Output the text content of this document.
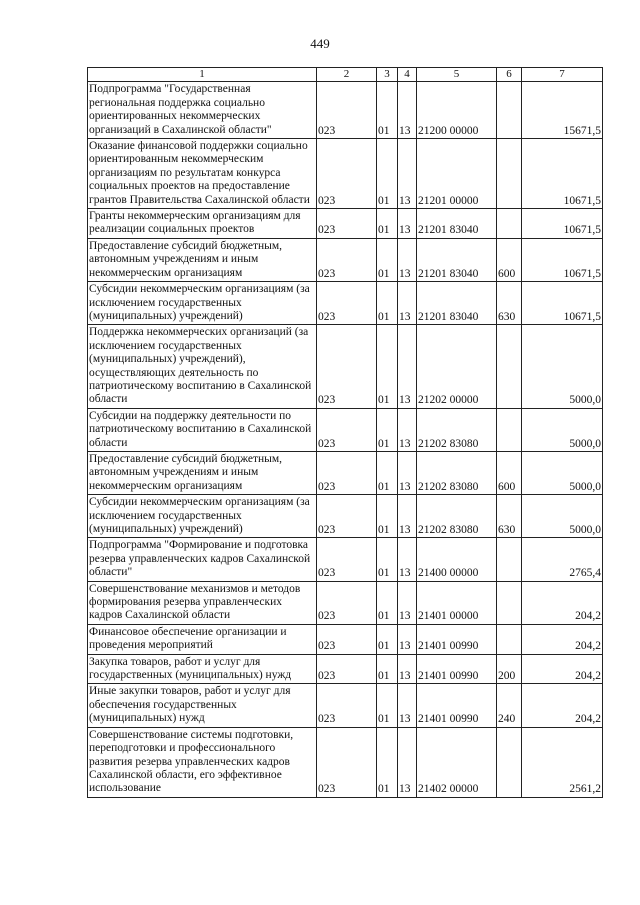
449
1	2	3	4	5	6	7
Подпрограмма "Государственная региональная поддержка социально ориентированных некоммерческих организаций в Сахалинской области"	023	01	13	21200 00000		15671,5
Оказание финансовой поддержки социально ориентированным некоммерческим организациям по результатам конкурса социальных проектов на предоставление грантов Правительства Сахалинской области	023	01	13	21201 00000		10671,5
Гранты некоммерческим организациям для реализации социальных проектов	023	01	13	21201 83040		10671,5
Предоставление субсидий бюджетным, автономным учреждениям и иным некоммерческим организациям	023	01	13	21201 83040	600	10671,5
Субсидии некоммерческим организациям (за исключением государственных (муниципальных) учреждений)	023	01	13	21201 83040	630	10671,5
Поддержка некоммерческих организаций (за исключением государственных (муниципальных) учреждений), осуществляющих деятельность по патриотическому воспитанию в Сахалинской области	023	01	13	21202 00000		5000,0
Субсидии на поддержку деятельности по патриотическому воспитанию в Сахалинской области	023	01	13	21202 83080		5000,0
Предоставление субсидий бюджетным, автономным учреждениям и иным некоммерческим организациям	023	01	13	21202 83080	600	5000,0
Субсидии некоммерческим организациям (за исключением государственных (муниципальных) учреждений)	023	01	13	21202 83080	630	5000,0
Подпрограмма "Формирование и подготовка резерва управленческих кадров Сахалинской области"	023	01	13	21400 00000		2765,4
Совершенствование механизмов и методов формирования резерва управленческих кадров Сахалинской области	023	01	13	21401 00000		204,2
Финансовое обеспечение организации и проведения мероприятий	023	01	13	21401 00990		204,2
Закупка товаров, работ и услуг для государственных (муниципальных) нужд	023	01	13	21401 00990	200	204,2
Иные закупки товаров, работ и услуг для обеспечения государственных (муниципальных) нужд	023	01	13	21401 00990	240	204,2
Совершенствование системы подготовки, переподготовки и профессионального развития резерва управленческих кадров Сахалинской области, его эффективное использование	023	01	13	21402 00000		2561,2
